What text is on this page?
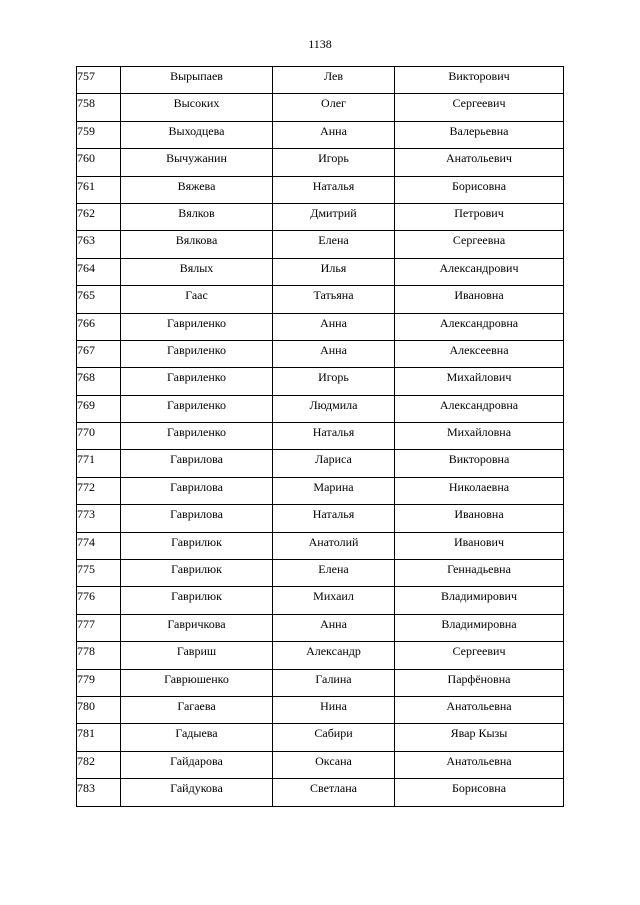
1138
757	Вырыпаев	Лев	Викторович
758	Высоких	Олег	Сергеевич
759	Выходцева	Анна	Валерьевна
760	Вычужанин	Игорь	Анатольевич
761	Вяжева	Наталья	Борисовна
762	Вялков	Дмитрий	Петрович
763	Вялкова	Елена	Сергеевна
764	Вялых	Илья	Александрович
765	Гаас	Татьяна	Ивановна
766	Гавриленко	Анна	Александровна
767	Гавриленко	Анна	Алексеевна
768	Гавриленко	Игорь	Михайлович
769	Гавриленко	Людмила	Александровна
770	Гавриленко	Наталья	Михайловна
771	Гаврилова	Лариса	Викторовна
772	Гаврилова	Марина	Николаевна
773	Гаврилова	Наталья	Ивановна
774	Гаврилюк	Анатолий	Иванович
775	Гаврилюк	Елена	Геннадьевна
776	Гаврилюк	Михаил	Владимирович
777	Гавричкова	Анна	Владимировна
778	Гавриш	Александр	Сергеевич
779	Гаврюшенко	Галина	Парфёновна
780	Гагаева	Нина	Анатольевна
781	Гадыева	Сабири	Явар Кызы
782	Гайдарова	Оксана	Анатольевна
783	Гайдукова	Светлана	Борисовна
